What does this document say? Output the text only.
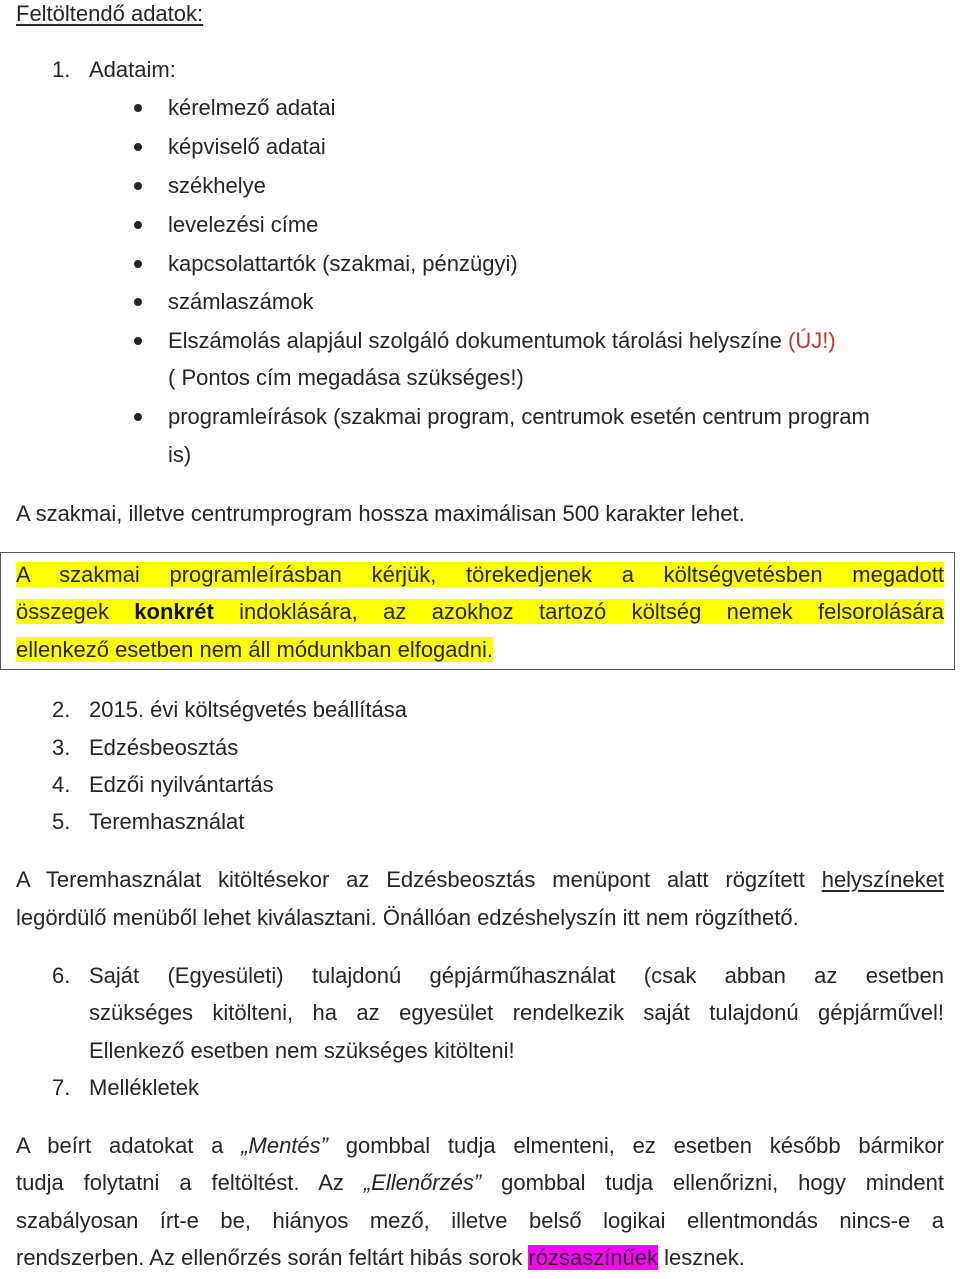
Feltöltendő adatok:
1. Adataim:
kérelmező adatai
képviselő adatai
székhelye
levelezési címe
kapcsolattartók (szakmai, pénzügyi)
számlaszámok
Elszámolás alapjául szolgáló dokumentumok tárolási helyszíne (ÚJ!)
( Pontos cím megadása szükséges!)
programleírások (szakmai program, centrumok esetén centrum program
is)
A szakmai, illetve centrumprogram hossza maximálisan 500 karakter lehet.
A szakmai programleírásban kérjük, törekedjenek a költségvetésben megadott
összegek konkrét indoklására, az azokhoz tartozó költség nemek felsorolására
ellenkező esetben nem áll módunkban elfogadni.
2. 2015. évi költségvetés beállítása
3. Edzésbeosztás
4. Edzői nyilvántartás
5. Teremhasználat
A Teremhasználat kitöltésekor az Edzésbeosztás menüpont alatt rögzített helyszíneket
legördülő menüből lehet kiválasztani. Önállóan edzéshelyszín itt nem rögzíthető.
6. Saját (Egyesületi) tulajdonú gépjárműhasználat (csak abban az esetben
szükséges kitölteni, ha az egyesület rendelkezik saját tulajdonú gépjárművel!
Ellenkező esetben nem szükséges kitölteni!
7. Mellékletek
A beírt adatokat a „Mentés” gombbal tudja elmenteni, ez esetben később bármikor
tudja folytatni a feltöltést. Az „Ellenőrzés” gombbal tudja ellenőrizni, hogy mindent
szabályosan írt-e be, hiányos mező, illetve belső logikai ellentmondás nincs-e a
rendszerben. Az ellenőrzés során feltárt hibás sorok rózsaszínűek lesznek.
